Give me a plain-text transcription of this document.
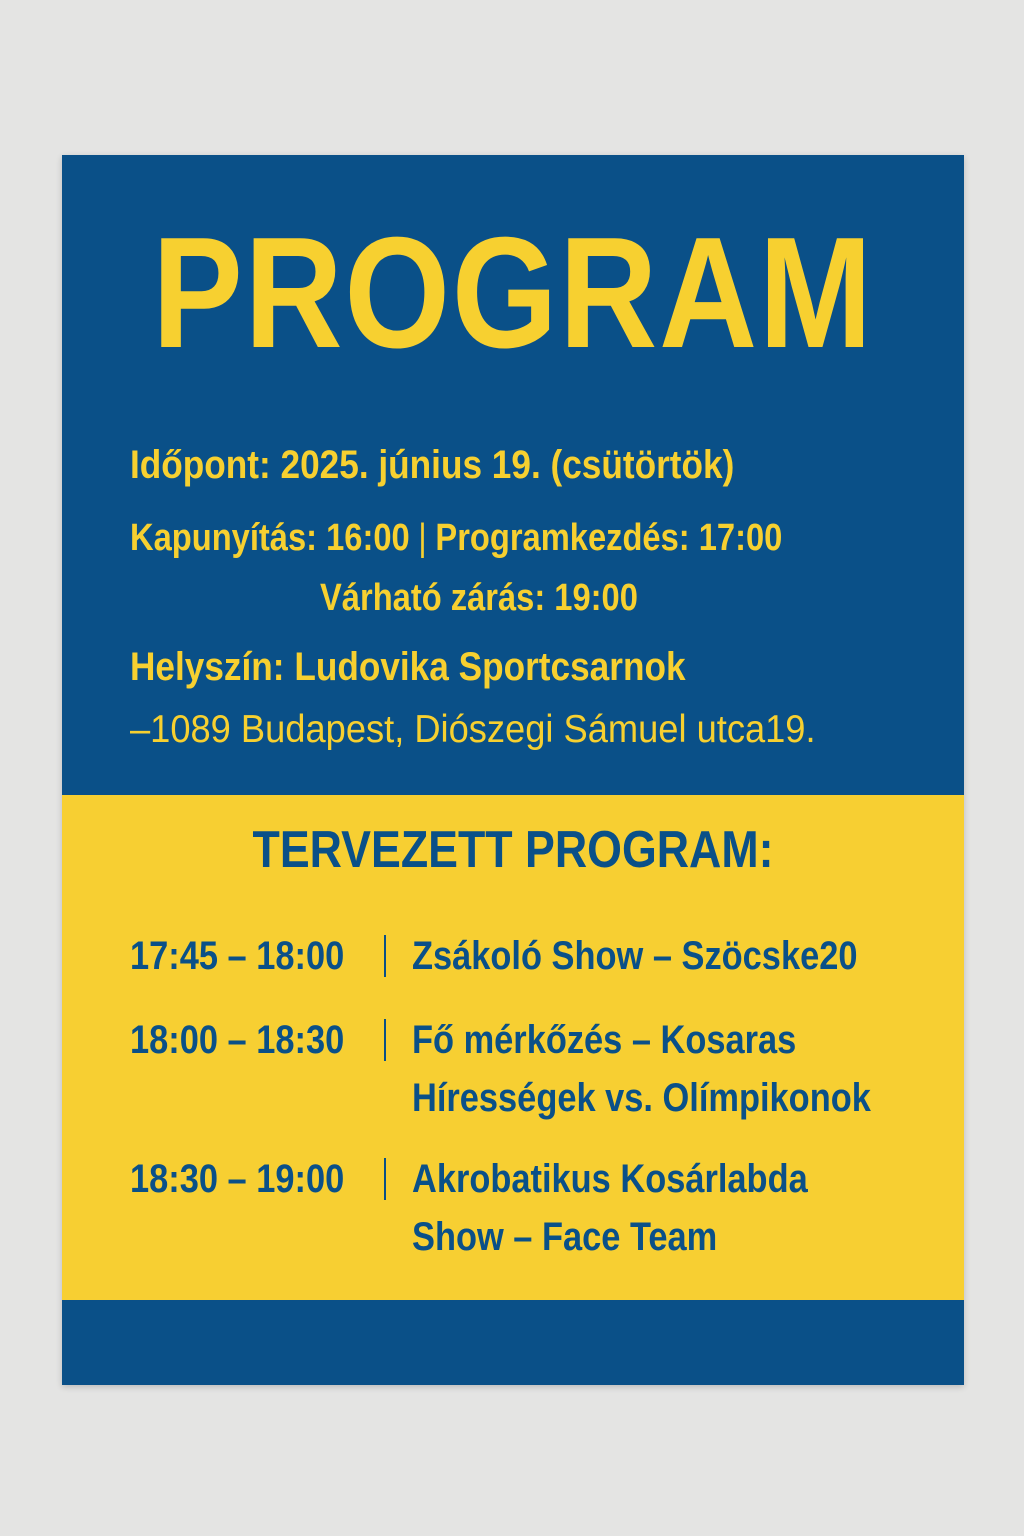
PROGRAM
Időpont: 2025. június 19. (csütörtök)
Kapunyítás: 16:00 | Programkezdés: 17:00
Várható zárás: 19:00
Helyszín: Ludovika Sportcsarnok
–1089 Budapest, Diószegi Sámuel utca19.
TERVEZETT PROGRAM:
17:45 – 18:00 Zsákoló Show – Szöcske20
18:00 – 18:30 Fő mérkőzés – Kosaras
Hírességek vs. Olímpikonok
18:30 – 19:00 Akrobatikus Kosárlabda
Show – Face Team
